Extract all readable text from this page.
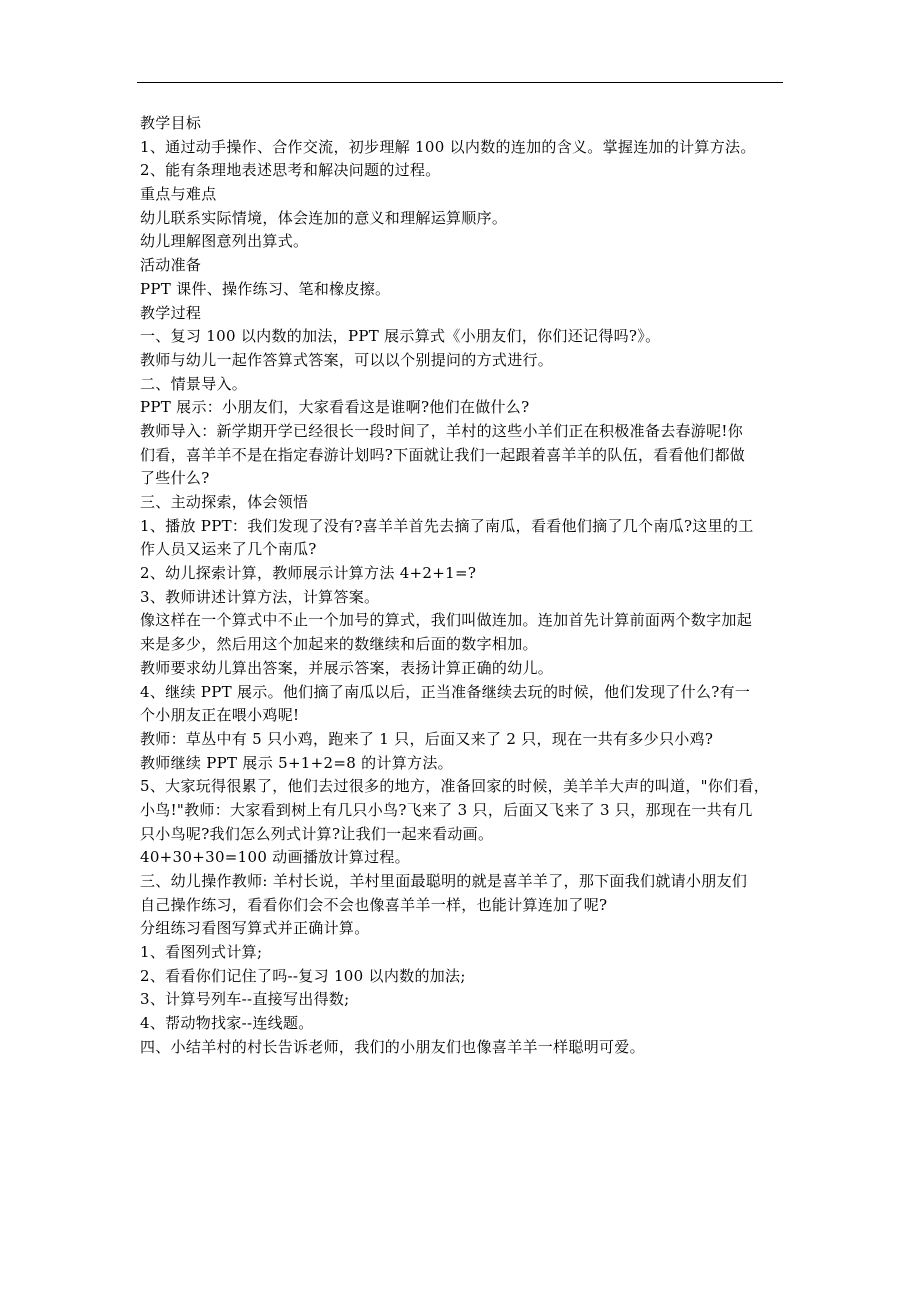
教学目标
1、通过动手操作、合作交流，初步理解 100 以内数的连加的含义。掌握连加的计算方法。
2、能有条理地表述思考和解决问题的过程。
重点与难点
幼儿联系实际情境，体会连加的意义和理解运算顺序。
幼儿理解图意列出算式。
活动准备
PPT 课件、操作练习、笔和橡皮擦。
教学过程
一、复习 100 以内数的加法，PPT 展示算式《小朋友们，你们还记得吗?》。
教师与幼儿一起作答算式答案，可以以个别提问的方式进行。
二、情景导入。
PPT 展示：小朋友们，大家看看这是谁啊?他们在做什么?
教师导入：新学期开学已经很长一段时间了，羊村的这些小羊们正在积极准备去春游呢!你
们看，喜羊羊不是在指定春游计划吗?下面就让我们一起跟着喜羊羊的队伍，看看他们都做
了些什么?
三、主动探索，体会领悟
1、播放 PPT：我们发现了没有?喜羊羊首先去摘了南瓜，看看他们摘了几个南瓜?这里的工
作人员又运来了几个南瓜?
2、幼儿探索计算，教师展示计算方法 4+2+1=?
3、教师讲述计算方法，计算答案。
像这样在一个算式中不止一个加号的算式，我们叫做连加。连加首先计算前面两个数字加起
来是多少，然后用这个加起来的数继续和后面的数字相加。
教师要求幼儿算出答案，并展示答案，表扬计算正确的幼儿。
4、继续 PPT 展示。他们摘了南瓜以后，正当准备继续去玩的时候，他们发现了什么?有一
个小朋友正在喂小鸡呢!
教师：草丛中有 5 只小鸡，跑来了 1 只，后面又来了 2 只，现在一共有多少只小鸡?
教师继续 PPT 展示 5+1+2=8 的计算方法。
5、大家玩得很累了，他们去过很多的地方，准备回家的时候，美羊羊大声的叫道，"你们看，
小鸟!"教师：大家看到树上有几只小鸟?飞来了 3 只，后面又飞来了 3 只，那现在一共有几
只小鸟呢?我们怎么列式计算?让我们一起来看动画。
40+30+30=100 动画播放计算过程。
三、幼儿操作教师: 羊村长说，羊村里面最聪明的就是喜羊羊了，那下面我们就请小朋友们
自己操作练习，看看你们会不会也像喜羊羊一样，也能计算连加了呢?
分组练习看图写算式并正确计算。
1、看图列式计算;
2、看看你们记住了吗--复习 100 以内数的加法;
3、计算号列车--直接写出得数;
4、帮动物找家--连线题。
四、小结羊村的村长告诉老师，我们的小朋友们也像喜羊羊一样聪明可爱。
